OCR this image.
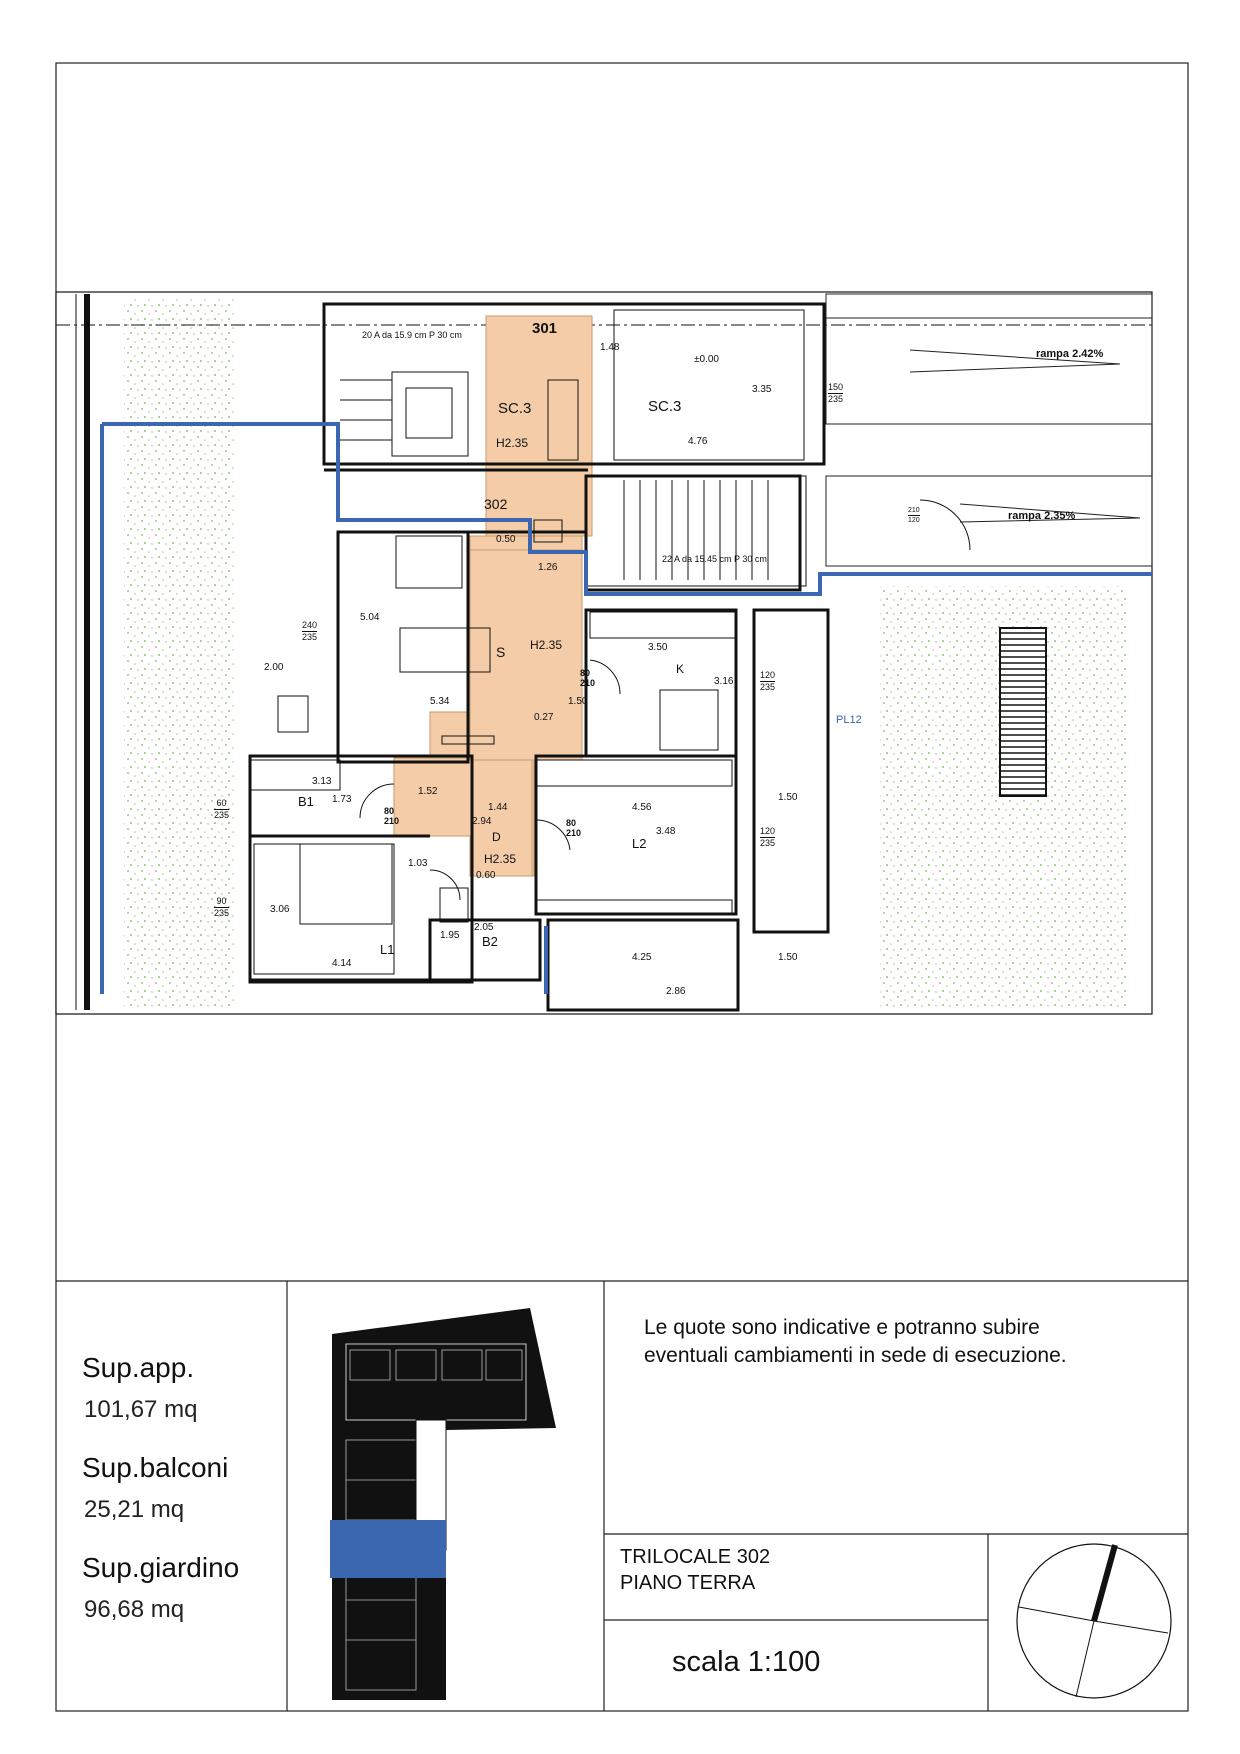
301
SC.3
H2.35
302
SC.3
S
K
B1
L1
B2
L2
D
H2.35
H2.35
PL12
20 A da 15.9 cm P 30 cm
22 A da 15.45 cm P 30 cm
rampa 2.42%
rampa 2.35%
±0.00
1.48
3.35
4.76
5.04
2.00
5.34
1.26
3.50
3.16
0.27
0.50
1.73
1.52
1.44
2.94
4.56
3.48
1.03
0.60
3.06
4.14
1.95
2.05
4.25
1.50
1.50
1.50
3.13
2.86
150
235
240
235
120
235
60
235
120
235
90
235
210
120
80
210
80
210
80
210
Sup.app.
101,67 mq
Sup.balconi
25,21 mq
Sup.giardino
96,68 mq
Le quote sono indicative e potranno subire
eventuali cambiamenti in sede di esecuzione.
TRILOCALE 302
PIANO TERRA
scala 1:100
